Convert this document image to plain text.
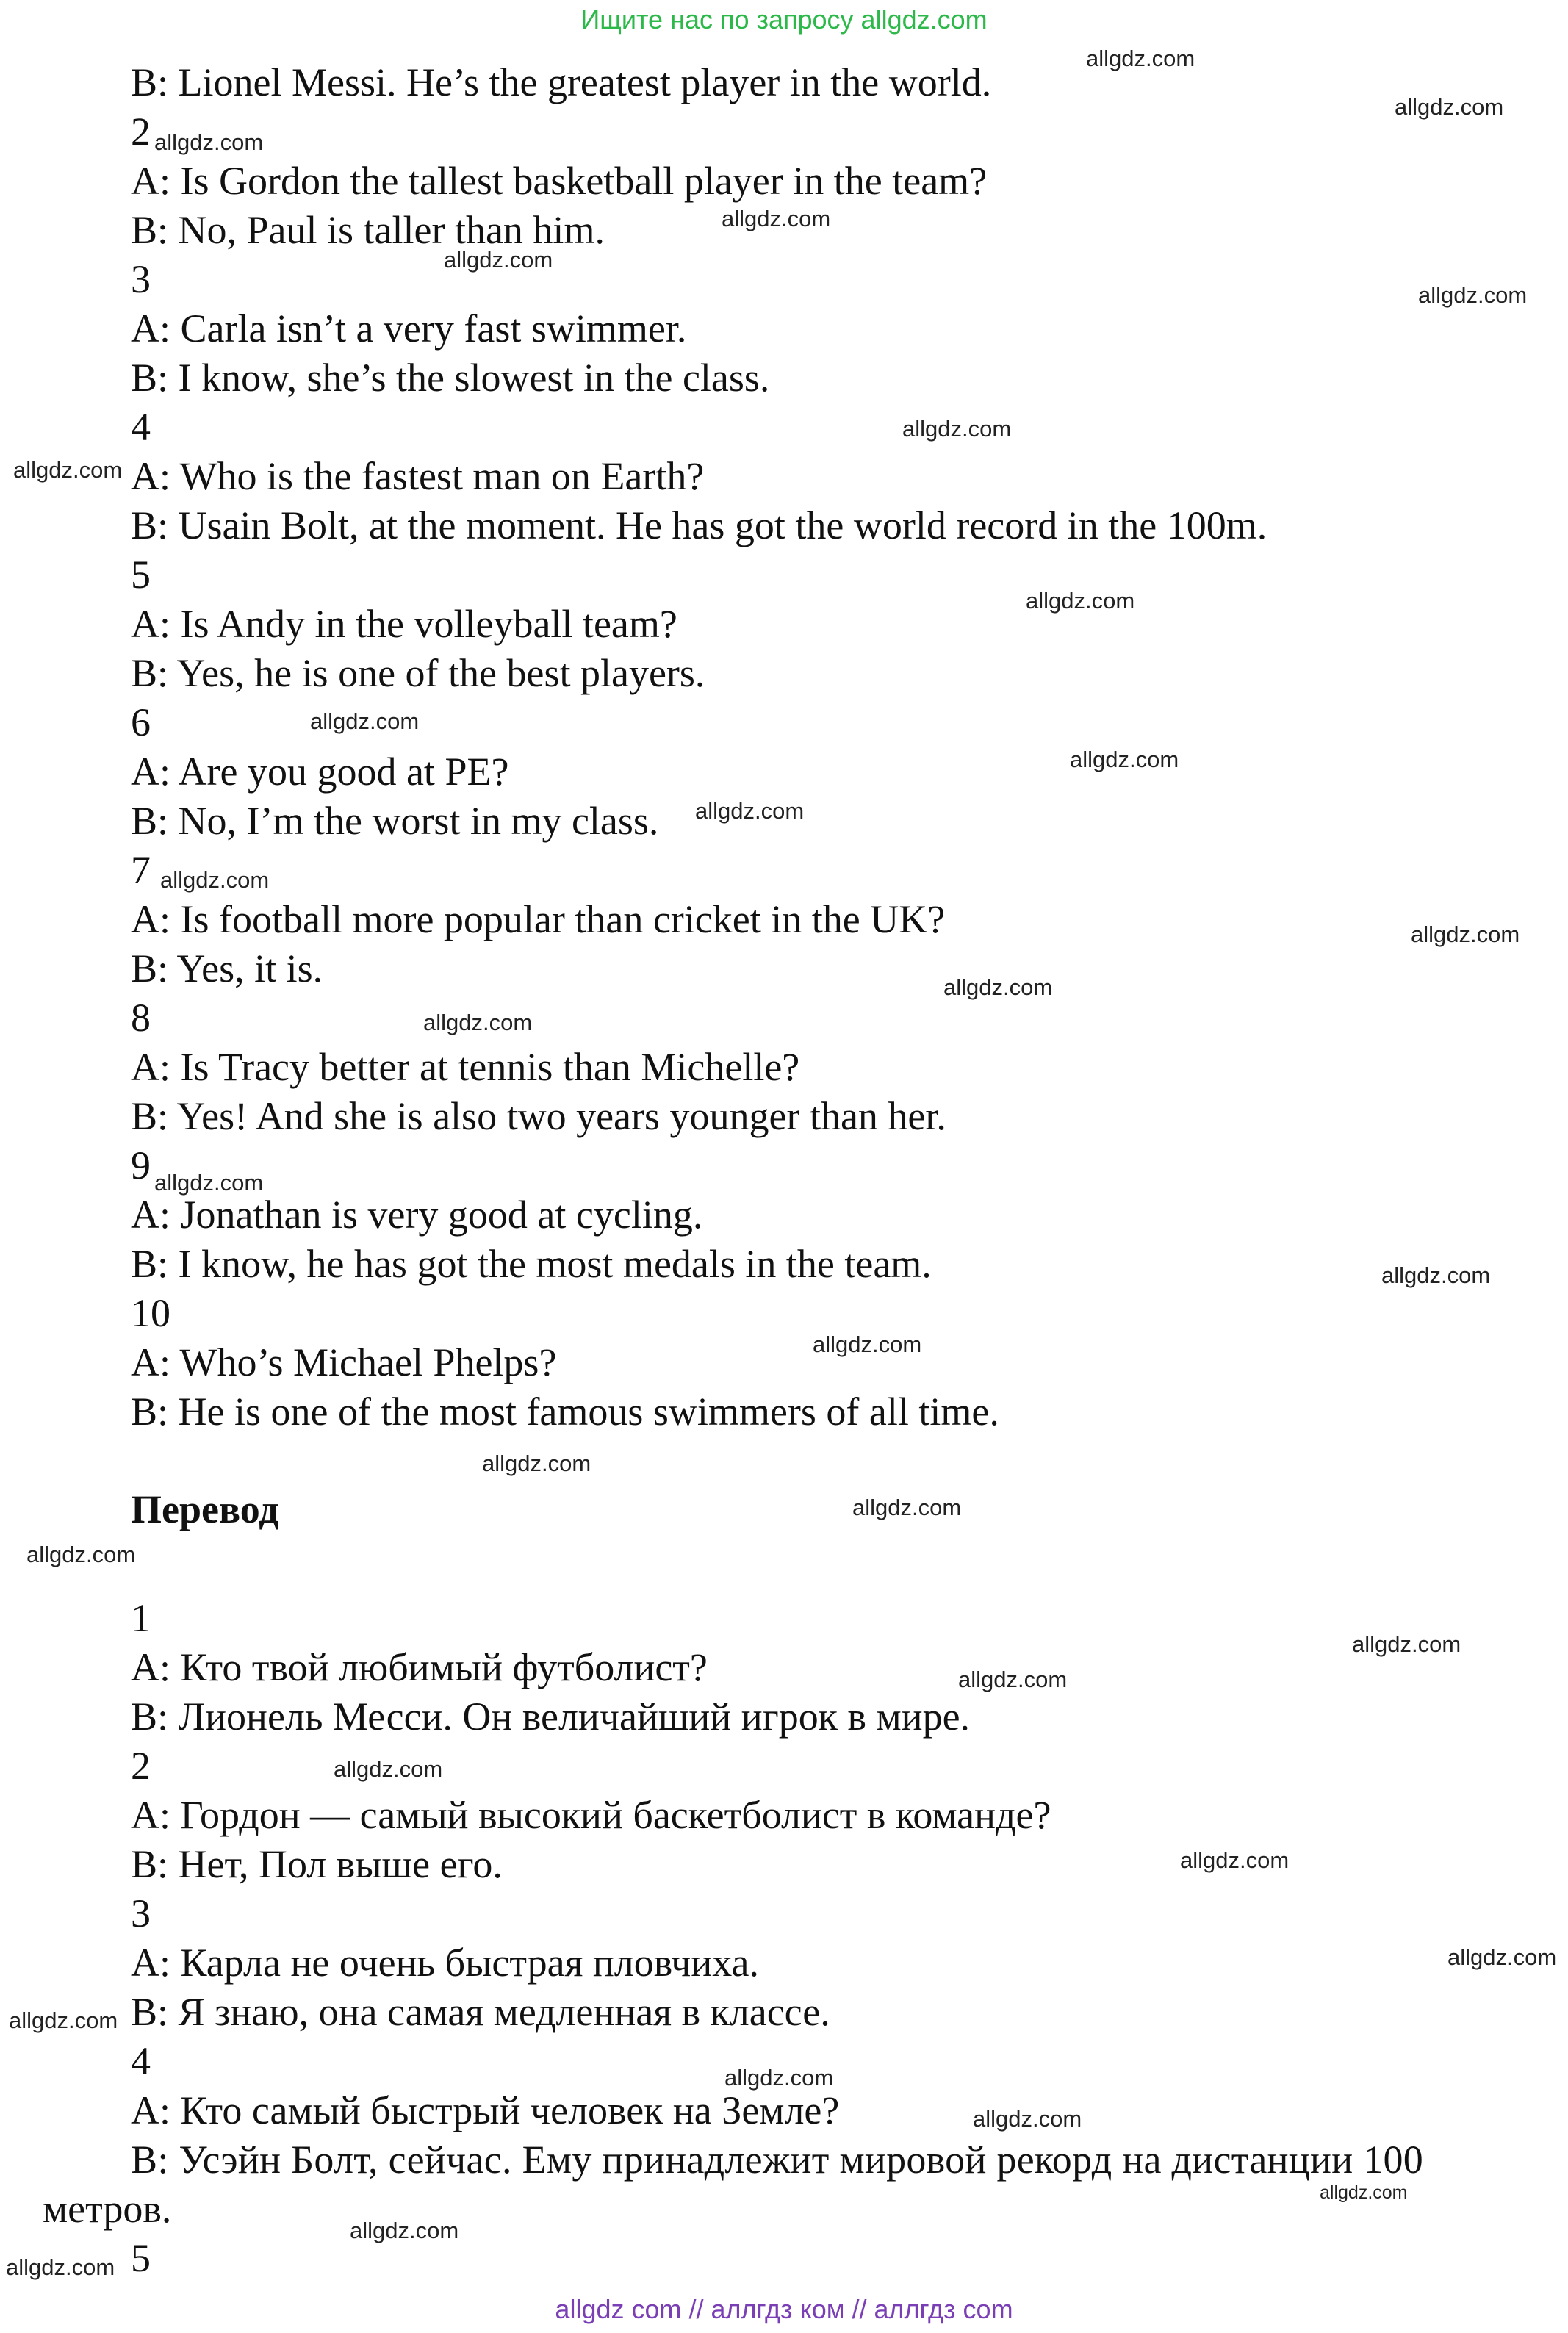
Ищите нас по запросу allgdz.com
B: Lionel Messi. He’s the greatest player in the world.
2
A: Is Gordon the tallest basketball player in the team?
B: No, Paul is taller than him.
3
A: Carla isn’t a very fast swimmer.
B: I know, she’s the slowest in the class.
4
A: Who is the fastest man on Earth?
B: Usain Bolt, at the moment. He has got the world record in the 100m.
5
A: Is Andy in the volleyball team?
B: Yes, he is one of the best players.
6
A: Are you good at PE?
B: No, I’m the worst in my class.
7
A: Is football more popular than cricket in the UK?
B: Yes, it is.
8
A: Is Tracy better at tennis than Michelle?
B: Yes! And she is also two years younger than her.
9
A: Jonathan is very good at cycling.
B: I know, he has got the most medals in the team.
10
A: Who’s Michael Phelps?
B: He is one of the most famous swimmers of all time.
Перевод
1
A: Кто твой любимый футболист?
B: Лионель Месси. Он величайший игрок в мире.
2
A: Гордон — самый высокий баскетболист в команде?
B: Нет, Пол выше его.
3
A: Карла не очень быстрая пловчиха.
B: Я знаю, она самая медленная в классе.
4
A: Кто самый быстрый человек на Земле?
B: Усэйн Болт, сейчас. Ему принадлежит мировой рекорд на дистанции 100
метров.
5
allgdz.com
allgdz.com
allgdz.com
allgdz.com
allgdz.com
allgdz.com
allgdz.com
allgdz.com
allgdz.com
allgdz.com
allgdz.com
allgdz.com
allgdz.com
allgdz.com
allgdz.com
allgdz.com
allgdz.com
allgdz.com
allgdz.com
allgdz.com
allgdz.com
allgdz.com
allgdz.com
allgdz.com
allgdz.com
allgdz.com
allgdz.com
allgdz.com
allgdz.com
allgdz.com
allgdz.com
allgdz.com
allgdz.com
allgdz com // аллгдз ком // аллгдз com
